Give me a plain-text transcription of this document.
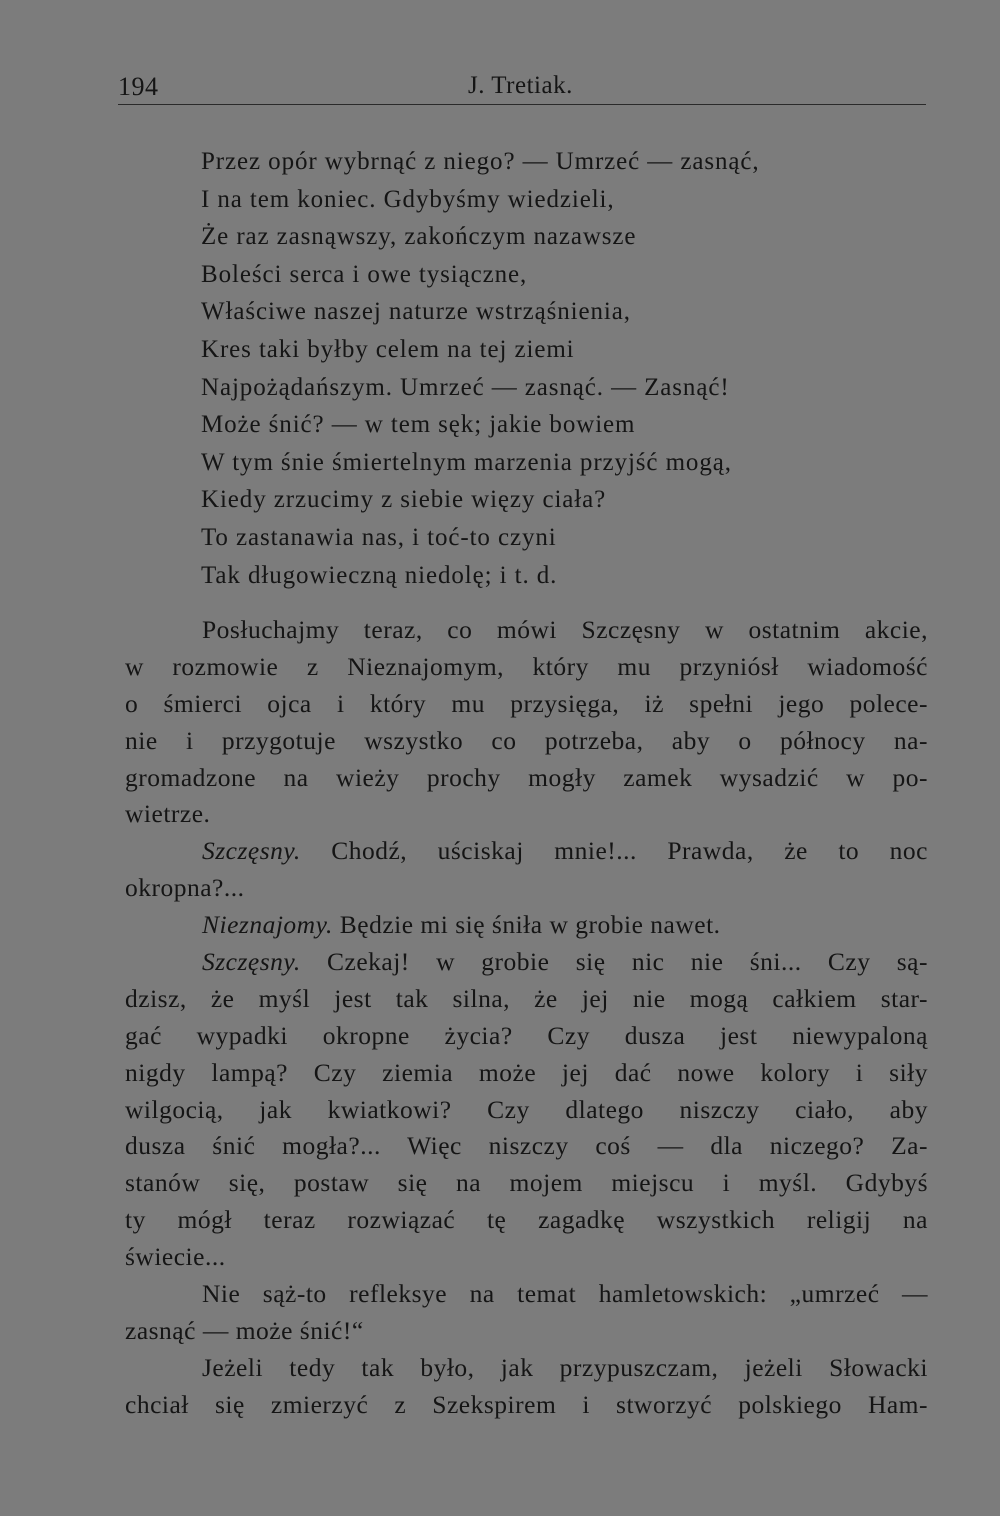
194	J. Tretiak.
Przez opór wybrnąć z niego? — Umrzeć — zasnąć,
I na tem koniec. Gdybyśmy wiedzieli,
Że raz zasnąwszy, zakończym nazawsze
Boleści serca i owe tysiączne,
Właściwe naszej naturze wstrząśnienia,
Kres taki byłby celem na tej ziemi
Najpożądańszym. Umrzeć — zasnąć. — Zasnąć!
Może śnić? — w tem sęk; jakie bowiem
W tym śnie śmiertelnym marzenia przyjść mogą,
Kiedy zrzucimy z siebie więzy ciała?
To zastanawia nas, i toć-to czyni
Tak długowieczną niedolę; i t. d.
Posłuchajmy teraz, co mówi Szczęsny w ostatnim akcie,
w rozmowie z Nieznajomym, który mu przyniósł wiadomość
o śmierci ojca i który mu przysięga, iż spełni jego polece-
nie i przygotuje wszystko co potrzeba, aby o północy na-
gromadzone na wieży prochy mogły zamek wysadzić w po-
wietrze.
Szczęsny. Chodź, uściskaj mnie!... Prawda, że to noc
okropna?...
Nieznajomy. Będzie mi się śniła w grobie nawet.
Szczęsny. Czekaj! w grobie się nic nie śni... Czy są-
dzisz, że myśl jest tak silna, że jej nie mogą całkiem star-
gać wypadki okropne życia? Czy dusza jest niewypaloną
nigdy lampą? Czy ziemia może jej dać nowe kolory i siły
wilgocią, jak kwiatkowi? Czy dlatego niszczy ciało, aby
dusza śnić mogła?... Więc niszczy coś — dla niczego? Za-
stanów się, postaw się na mojem miejscu i myśl. Gdybyś
ty mógł teraz rozwiązać tę zagadkę wszystkich religij na
świecie...
Nie sąż-to refleksye na temat hamletowskich: „umrzeć —
zasnąć — może śnić!“
Jeżeli tedy tak było, jak przypuszczam, jeżeli Słowacki
chciał się zmierzyć z Szekspirem i stworzyć polskiego Ham-
